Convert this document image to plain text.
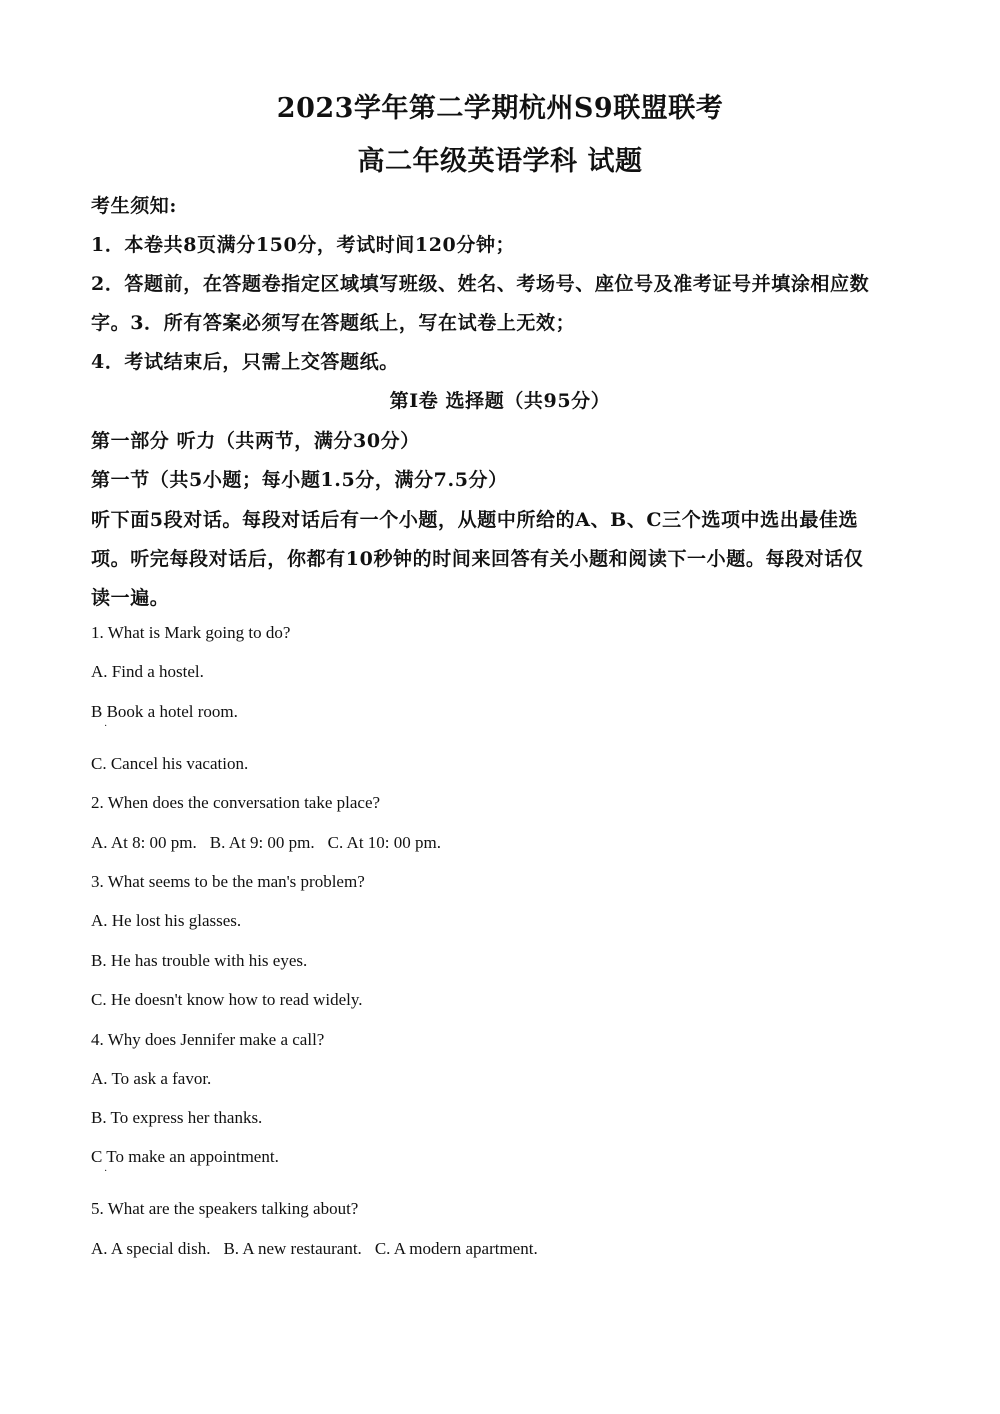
2023学年第二学期杭州S9联盟联考
高二年级英语学科 试题
考生须知:
1．本卷共8页满分150分，考试时间120分钟；
2．答题前，在答题卷指定区域填写班级、姓名、考场号、座位号及准考证号并填涂相应数
字。3．所有答案必须写在答题纸上，写在试卷上无效；
4．考试结束后，只需上交答题纸。
第Ⅰ卷 选择题（共95分）
第一部分 听力（共两节，满分30分）
第一节（共5小题；每小题1.5分，满分7.5分）
听下面5段对话。每段对话后有一个小题，从题中所给的A、B、C三个选项中选出最佳选
项。听完每段对话后，你都有10秒钟的时间来回答有关小题和阅读下一小题。每段对话仅
读一遍。
1. What is Mark going to do?
A. Find a hostel.
B Book a hotel room.
·
C. Cancel his vacation.
2. When does the conversation take place?
A. At 8: 00 pm. B. At 9: 00 pm. C. At 10: 00 pm.
3. What seems to be the man's problem?
A. He lost his glasses.
B. He has trouble with his eyes.
C. He doesn't know how to read widely.
4. Why does Jennifer make a call?
A. To ask a favor.
B. To express her thanks.
C To make an appointment.
·
5. What are the speakers talking about?
A. A special dish. B. A new restaurant. C. A modern apartment.
